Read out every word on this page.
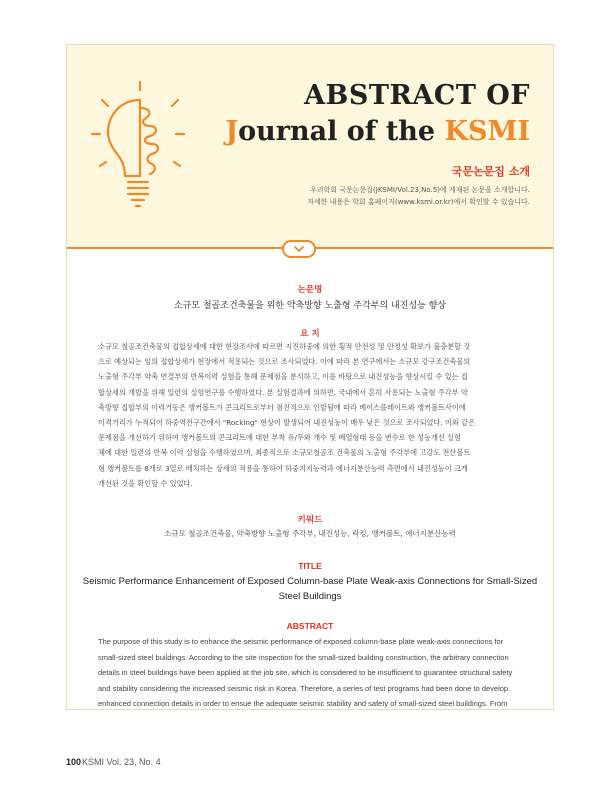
ABSTRACT OF
Journal of the KSMI
국문논문집 소개
우리학회 국문논문집(JKSMI/Vol.23,No.5)에 게재된 논문을 소개합니다.
자세한 내용은 학회 홈페이지(www.ksmi.or.kr)에서 확인할 수 있습니다.
논문명
소규모 철골조건축물을 위한 약축방향 노출형 주각부의 내진성능 향상
요 지
소규모 철골조건축물의 접합상세에 대한 현장조사에 따르면 지진하중에 의한 횡적 안전성 및 안정성 확보가 불충분할 것
으로 예상되는 임의 접합상세가 현장에서 적용되는 것으로 조사되었다. 이에 따라 본 연구에서는 소규모 강구조건축물의
노출형 주각부 약축 연결부의 반복이력 실험을 통해 문제점을 분석하고, 이를 바탕으로 내진성능을 향상시킬 수 있는 접
합상세의 개발을 위해 일련의 실험연구를 수행하였다. 본 실험결과에 의하면, 국내에서 흔히 사용되는 노출형 주각부 약
축방향 접합부의 이력거동은 앵커볼트가 콘크리트로부터 점진적으로 인발됨에 따라 베이스플레이트와 앵커볼트사이에
이격거리가 누적되어 하중역전구간에서 "Rocking" 현상이 발생되어 내진성능이 매우 낮은 것으로 조사되었다. 이와 같은
문제점을 개선하기 위하여 앵커볼트의 콘크리트에 대한 부착 유/무와 개수 및 배열형태 등을 변수로 한 성능개선 실험
체에 대한 일련의 반복 이력 실험을 수행하였으며, 최종적으로 소규모철골조 건축물의 노출형 주각부에 고강도 전산볼트
형 앵커볼트를 8개로 3열로 배치하는 상세의 적용을 통하여 하중지지능력과 에너지분산능력 측면에서 내진성능이 크게
개선된 것을 확인할 수 있었다.
키워드
소규모 철골조건축물, 약축방향 노출형 주각부, 내진성능, 락킹, 앵커볼트, 에너지분산능력
TITLE
Seismic Performance Enhancement of Exposed Column-base Plate Weak-axis Connections for Small-Sized
Steel Buildings
ABSTRACT
The purpose of this study is to enhance the seismic performance of exposed column-base plate weak-axis connections for
small-sized steel buildings. According to the site inspection for the small-sized building construction, the arbitrary connection
details in steel buildings have been applied at the job site, which is considered to be insufficient to guarantee structural safety
and stability considering the increased seismic risk in Korea. Therefore, a series of test programs had been done to develop
enhanced connection details in order to ensue the adequate seismic stability and safety of small-sized steel buildings. From
100KSMI Vol. 23, No. 4
